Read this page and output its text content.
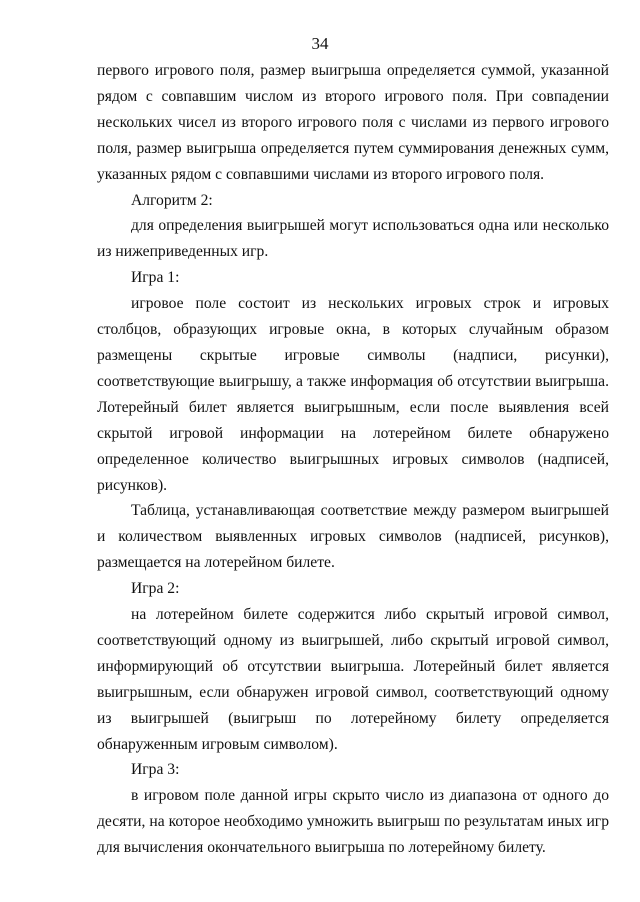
34

первого игрового поля, размер выигрыша определяется суммой, указанной рядом с совпавшим числом из второго игрового поля. При совпадении нескольких чисел из второго игрового поля с числами из первого игрового поля, размер выигрыша определяется путем суммирования денежных сумм, указанных рядом с совпавшими числами из второго игрового поля.

Алгоритм 2:

для определения выигрышей могут использоваться одна или несколько из нижеприведенных игр.

Игра 1:

игровое поле состоит из нескольких игровых строк и игровых столбцов, образующих игровые окна, в которых случайным образом размещены скрытые игровые символы (надписи, рисунки), соответствующие выигрышу, а также информация об отсутствии выигрыша. Лотерейный билет является выигрышным, если после выявления всей скрытой игровой информации на лотерейном билете обнаружено определенное количество выигрышных игровых символов (надписей, рисунков).

Таблица, устанавливающая соответствие между размером выигрышей и количеством выявленных игровых символов (надписей, рисунков), размещается на лотерейном билете.

Игра 2:

на лотерейном билете содержится либо скрытый игровой символ, соответствующий одному из выигрышей, либо скрытый игровой символ, информирующий об отсутствии выигрыша. Лотерейный билет является выигрышным, если обнаружен игровой символ, соответствующий одному из выигрышей (выигрыш по лотерейному билету определяется обнаруженным игровым символом).

Игра 3:

в игровом поле данной игры скрыто число из диапазона от одного до десяти, на которое необходимо умножить выигрыш по результатам иных игр для вычисления окончательного выигрыша по лотерейному билету.
